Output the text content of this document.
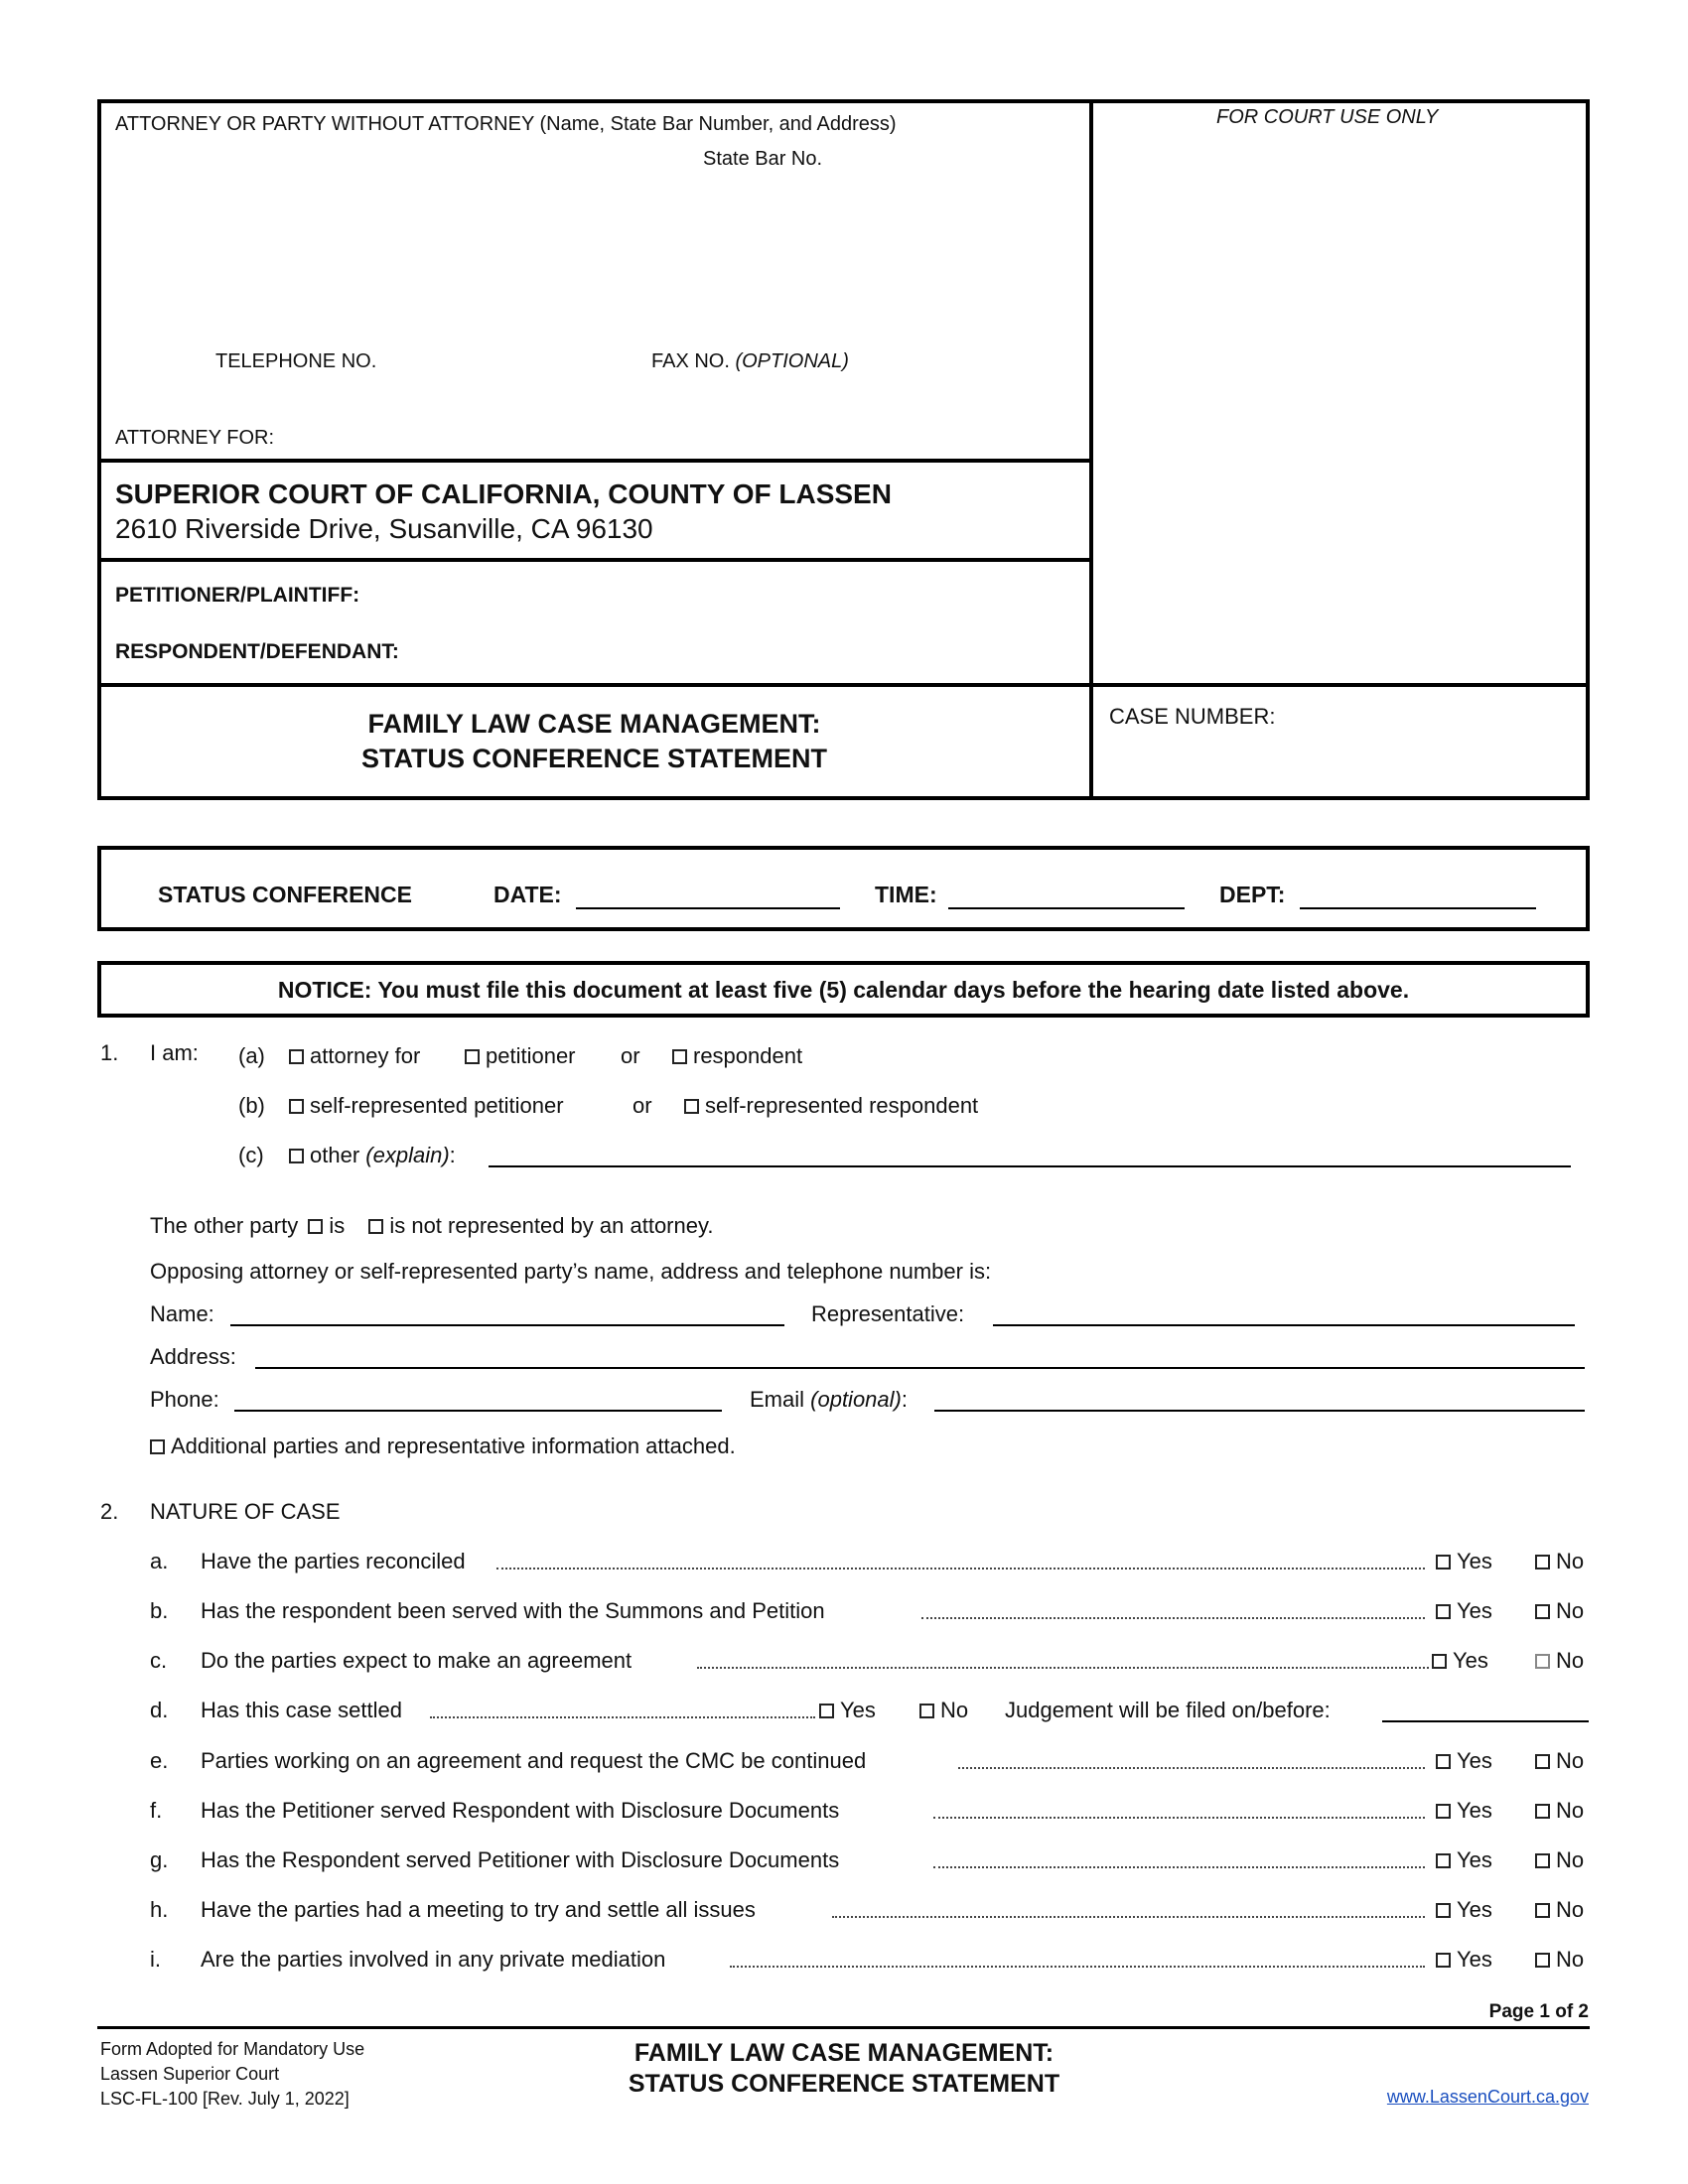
ATTORNEY OR PARTY WITHOUT ATTORNEY (Name, State Bar Number, and Address)
State Bar No.
TELEPHONE NO.	FAX NO. (OPTIONAL)
ATTORNEY FOR:
FOR COURT USE ONLY
SUPERIOR COURT OF CALIFORNIA, COUNTY OF LASSEN
2610 Riverside Drive, Susanville, CA 96130
PETITIONER/PLAINTIFF:
RESPONDENT/DEFENDANT:
FAMILY LAW CASE MANAGEMENT:
STATUS CONFERENCE STATEMENT
CASE NUMBER:
STATUS CONFERENCE	DATE:	TIME:	DEPT:
NOTICE: You must file this document at least five (5) calendar days before the hearing date listed above.
1. I am: (a)	attorney for	petitioner or	respondent
(b)	self-represented petitioner	or	self-represented respondent
(c)	other (explain):
The other party is is not represented by an attorney.
Opposing attorney or self-represented party’s name, address and telephone number is:
Name:	Representative:
Address:
Phone:	Email (optional):
Additional parties and representative information attached.
2. NATURE OF CASE
a. Have the parties reconciled	Yes	No
b. Has the respondent been served with the Summons and Petition	Yes	No
c. Do the parties expect to make an agreement	Yes	No
d. Has this case settled	Yes	No Judgement will be filed on/before:
e. Parties working on an agreement and request the CMC be continued	Yes	No
f. Has the Petitioner served Respondent with Disclosure Documents	Yes	No
g. Has the Respondent served Petitioner with Disclosure Documents	Yes	No
h. Have the parties had a meeting to try and settle all issues	Yes	No
i. Are the parties involved in any private mediation	Yes	No
Page 1 of 2
Form Adopted for Mandatory Use
Lassen Superior Court
LSC-FL-100 [Rev. July 1, 2022]
FAMILY LAW CASE MANAGEMENT:
STATUS CONFERENCE STATEMENT	www.LassenCourt.ca.gov
